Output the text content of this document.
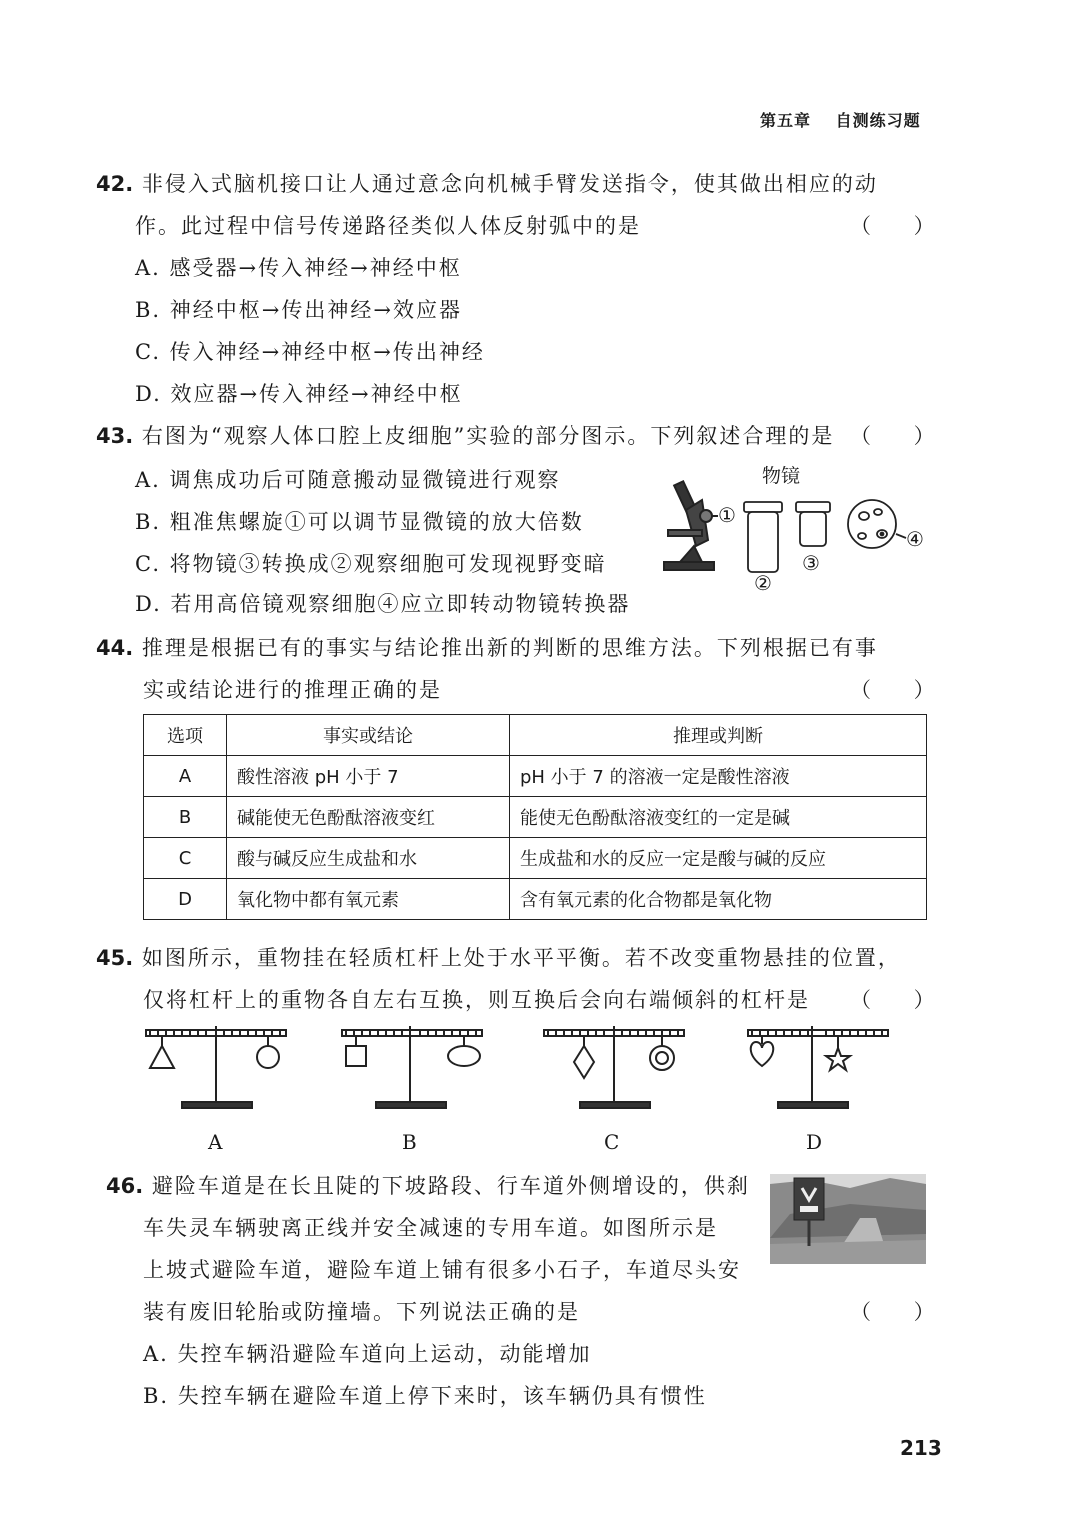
第五章 自测练习题
42. 非侵入式脑机接口让人通过意念向机械手臂发送指令，使其做出相应的动
作。此过程中信号传递路径类似人体反射弧中的是	（ ）
A. 感受器→传入神经→神经中枢
B. 神经中枢→传出神经→效应器
C. 传入神经→神经中枢→传出神经
D. 效应器→传入神经→神经中枢
43. 右图为“观察人体口腔上皮细胞”实验的部分图示。下列叙述合理的是 （ ）
A. 调焦成功后可随意搬动显微镜进行观察
B. 粗准焦螺旋①可以调节显微镜的放大倍数
C. 将物镜③转换成②观察细胞可发现视野变暗
D. 若用高倍镜观察细胞④应立即转动物镜转换器
①
物镜
②
③
④
44. 推理是根据已有的事实与结论推出新的判断的思维方法。下列根据已有事
实或结论进行的推理正确的是	（ ）
选项	事实或结论	推理或判断
A	酸性溶液 pH 小于 7	pH 小于 7 的溶液一定是酸性溶液
B	碱能使无色酚酞溶液变红	能使无色酚酞溶液变红的一定是碱
C	酸与碱反应生成盐和水	生成盐和水的反应一定是酸与碱的反应
D	氧化物中都有氧元素	含有氧元素的化合物都是氧化物
45. 如图所示，重物挂在轻质杠杆上处于水平平衡。若不改变重物悬挂的位置，
仅将杠杆上的重物各自左右互换，则互换后会向右端倾斜的杠杆是 （ ）
A	B	C	D
46. 避险车道是在长且陡的下坡路段、行车道外侧增设的，供刹
车失灵车辆驶离正线并安全减速的专用车道。如图所示是
上坡式避险车道，避险车道上铺有很多小石子，车道尽头安
装有废旧轮胎或防撞墙。下列说法正确的是	（ ）
A. 失控车辆沿避险车道向上运动，动能增加
B. 失控车辆在避险车道上停下来时，该车辆仍具有惯性
213
